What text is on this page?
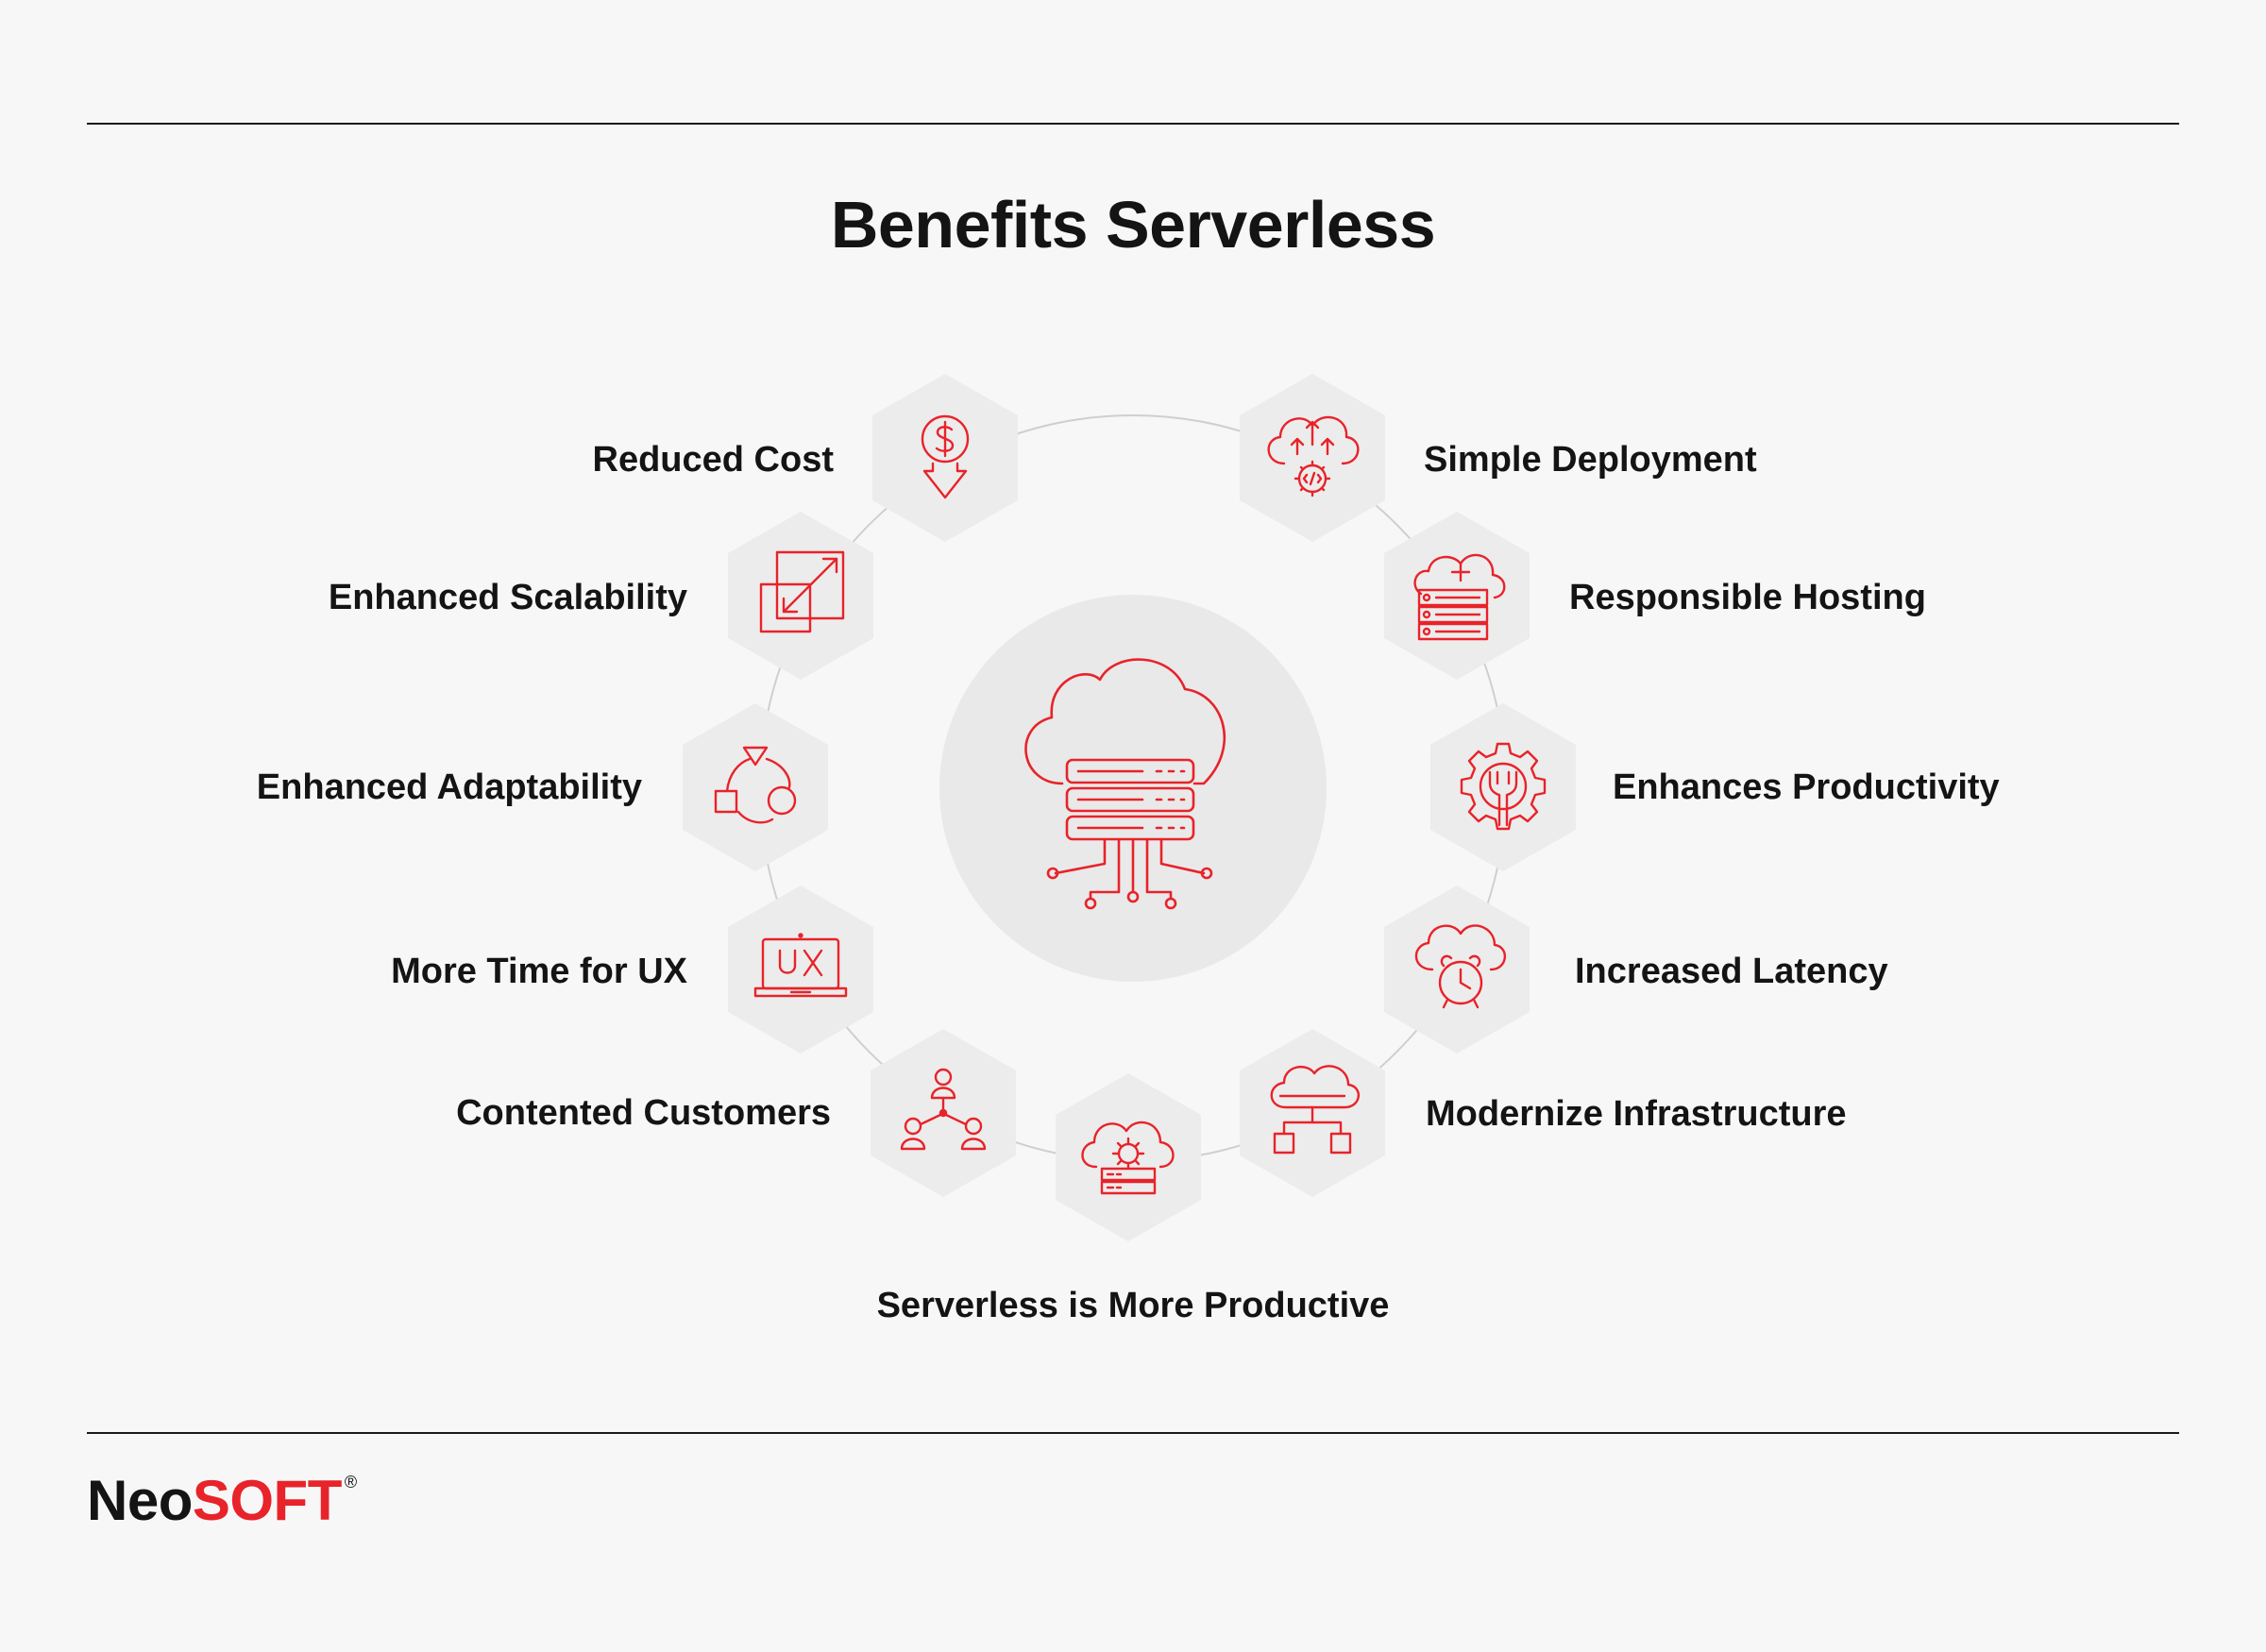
Benefits Serverless
Reduced Cost
Enhanced Scalability
Enhanced Adaptability
More Time for UX
Contented Customers
Serverless is More Productive
Modernize Infrastructure
Increased Latency
Enhances Productivity
Responsible Hosting
Simple Deployment
NeoSOFT ®
